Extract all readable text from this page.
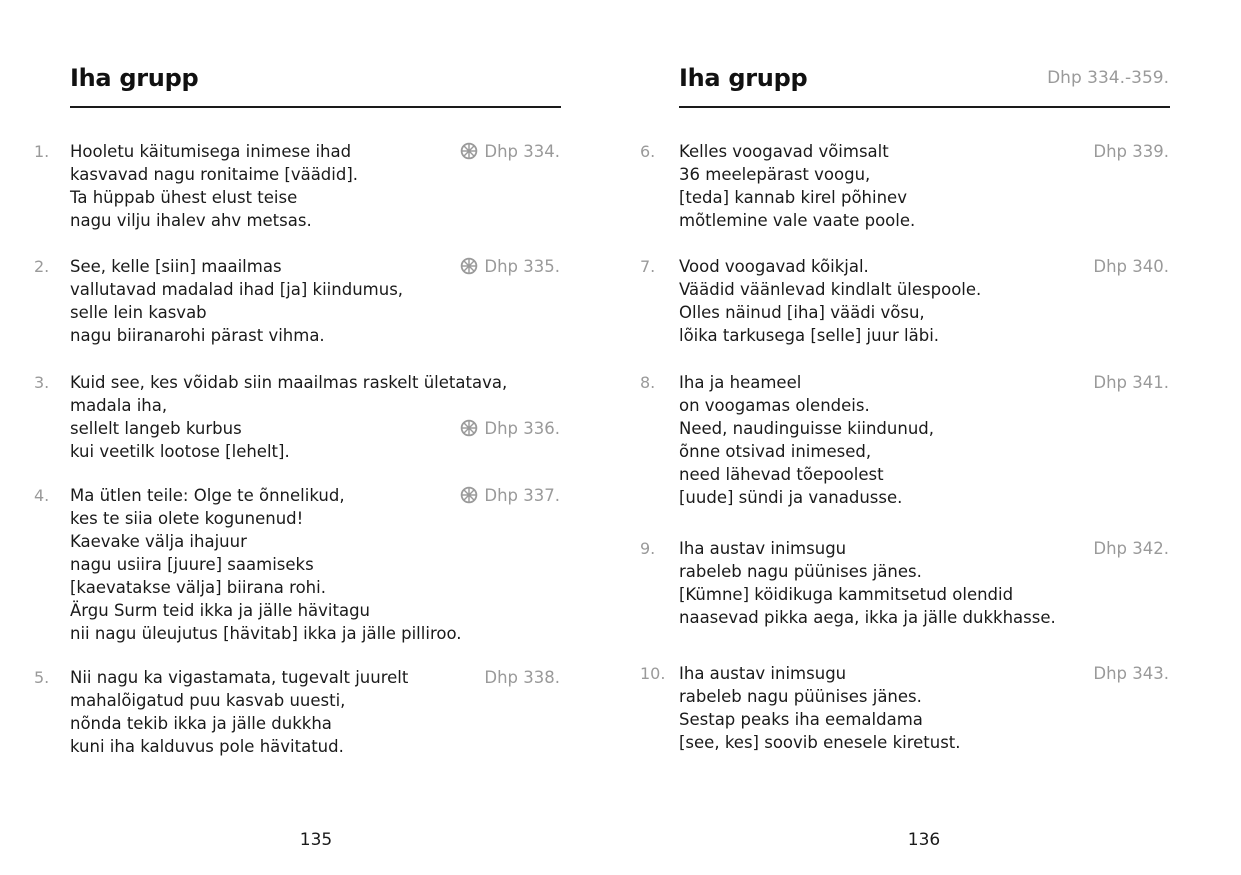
Iha grupp
1. Hooletu käitumisega inimese ihad
kasvavad nagu ronitaime [väädid].
Ta hüppab ühest elust teise
nagu vilju ihalev ahv metsas.
Dhp 334.
2. See, kelle [siin] maailmas
vallutavad madalad ihad [ja] kiindumus,
selle lein kasvab
nagu biiranarohi pärast vihma.
Dhp 335.
3. Kuid see, kes võidab siin maailmas raskelt ületatava,
madala iha,
sellelt langeb kurbus
kui veetilk lootose [lehelt].
Dhp 336.
4. Ma ütlen teile: Olge te õnnelikud,
kes te siia olete kogunenud!
Kaevake välja ihajuur
nagu usiira [juure] saamiseks
[kaevatakse välja] biirana rohi.
Ärgu Surm teid ikka ja jälle hävitagu
nii nagu üleujutus [hävitab] ikka ja jälle pilliroo.
Dhp 337.
5. Nii nagu ka vigastamata, tugevalt juurelt
mahalõigatud puu kasvab uuesti,
nõnda tekib ikka ja jälle dukkha
kuni iha kalduvus pole hävitatud.
Dhp 338.
135
Iha grupp	Dhp 334.-359.
6. Kelles voogavad võimsalt
36 meelepärast voogu,
[teda] kannab kirel põhinev
mõtlemine vale vaate poole.
Dhp 339.
7. Vood voogavad kõikjal.
Väädid väänlevad kindlalt ülespoole.
Olles näinud [iha] väädi võsu,
lõika tarkusega [selle] juur läbi.
Dhp 340.
8. Iha ja heameel
on voogamas olendeis.
Need, naudinguisse kiindunud,
õnne otsivad inimesed,
need lähevad tõepoolest
[uude] sündi ja vanadusse.
Dhp 341.
9. Iha austav inimsugu
rabeleb nagu püünises jänes.
[Kümne] köidikuga kammitsetud olendid
naasevad pikka aega, ikka ja jälle dukkhasse.
Dhp 342.
10. Iha austav inimsugu
rabeleb nagu püünises jänes.
Sestap peaks iha eemaldama
[see, kes] soovib enesele kiretust.
Dhp 343.
136
